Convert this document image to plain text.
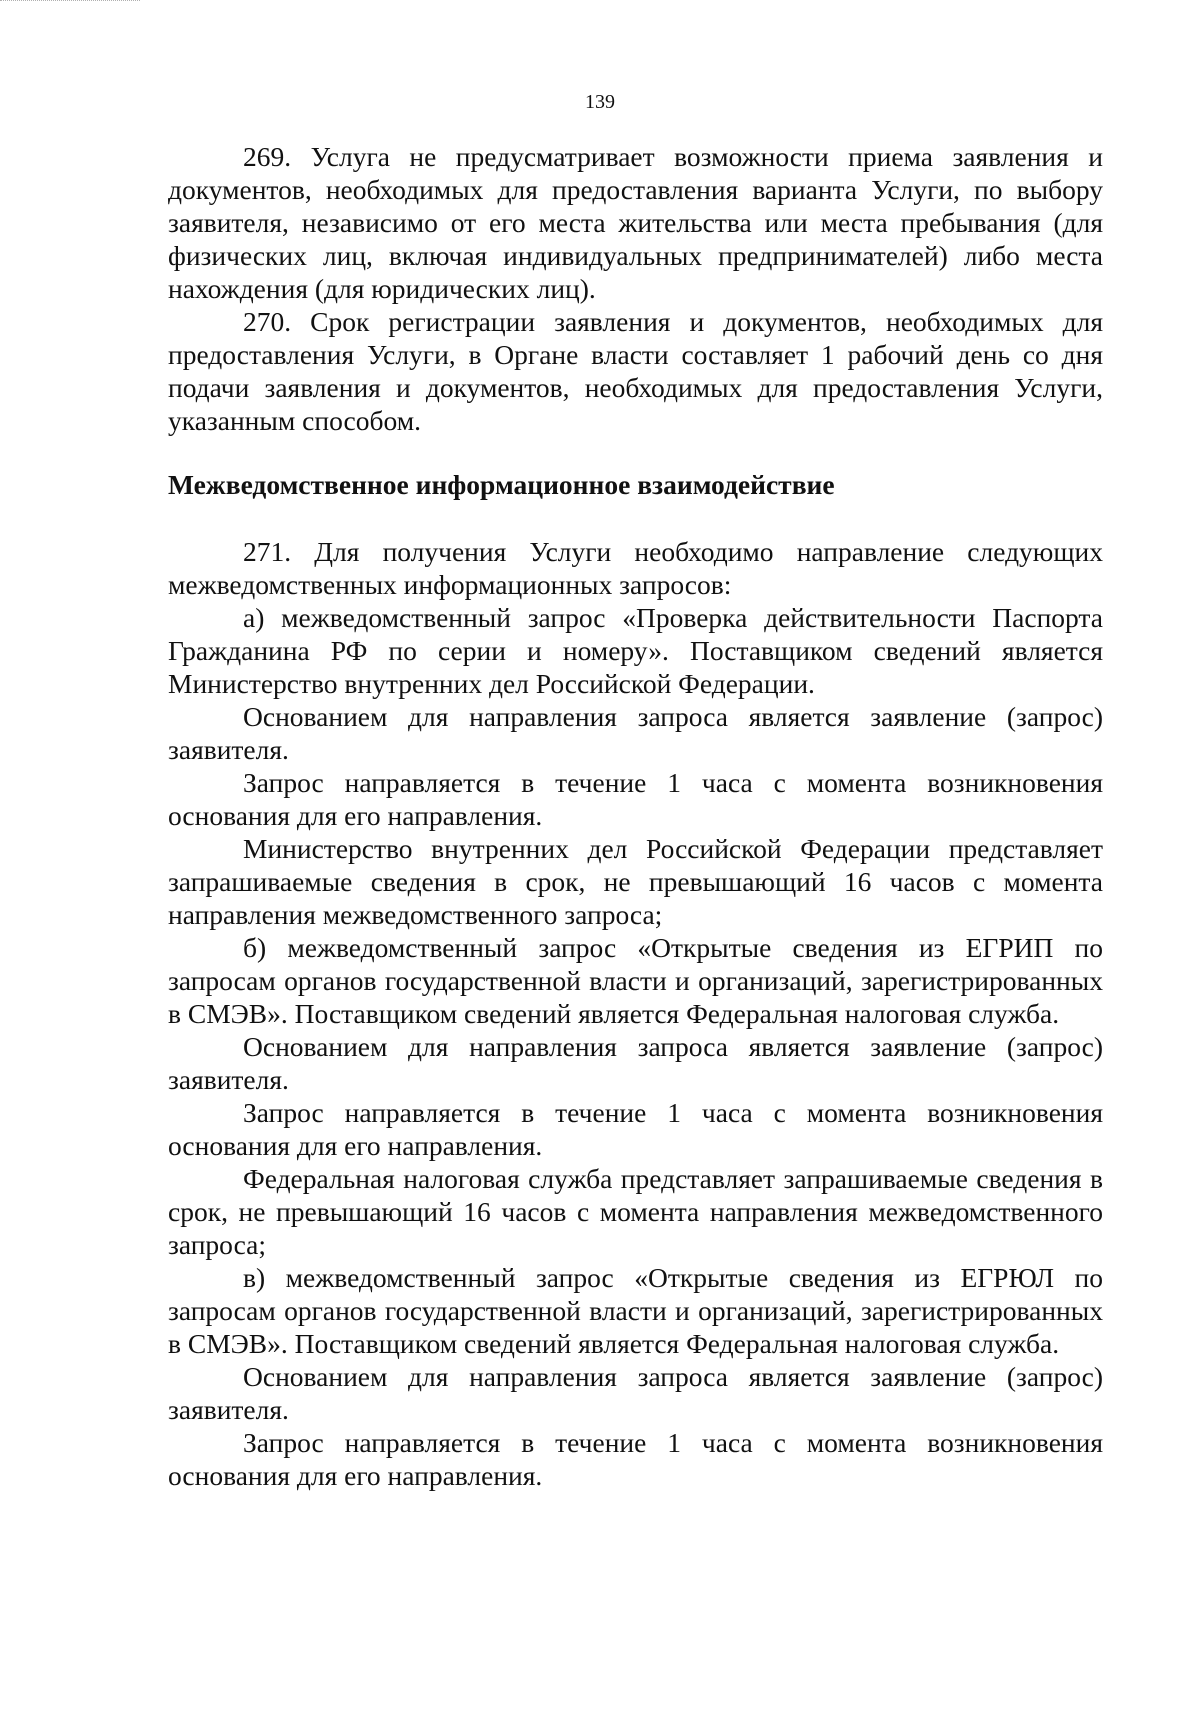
139

269. Услуга не предусматривает возможности приема заявления и документов, необходимых для предоставления варианта Услуги, по выбору заявителя, независимо от его места жительства или места пребывания (для физических лиц, включая индивидуальных предпринимателей) либо места нахождения (для юридических лиц).

270. Срок регистрации заявления и документов, необходимых для предоставления Услуги, в Органе власти составляет 1 рабочий день со дня подачи заявления и документов, необходимых для предоставления Услуги, указанным способом.

Межведомственное информационное взаимодействие

271. Для получения Услуги необходимо направление следующих межведомственных информационных запросов:

а) межведомственный запрос «Проверка действительности Паспорта Гражданина РФ по серии и номеру». Поставщиком сведений является Министерство внутренних дел Российской Федерации.

Основанием для направления запроса является заявление (запрос) заявителя.

Запрос направляется в течение 1 часа с момента возникновения основания для его направления.

Министерство внутренних дел Российской Федерации представляет запрашиваемые сведения в срок, не превышающий 16 часов с момента направления межведомственного запроса;

б) межведомственный запрос «Открытые сведения из ЕГРИП по запросам органов государственной власти и организаций, зарегистрированных в СМЭВ». Поставщиком сведений является Федеральная налоговая служба.

Основанием для направления запроса является заявление (запрос) заявителя.

Запрос направляется в течение 1 часа с момента возникновения основания для его направления.

Федеральная налоговая служба представляет запрашиваемые сведения в срок, не превышающий 16 часов с момента направления межведомственного запроса;

в) межведомственный запрос «Открытые сведения из ЕГРЮЛ по запросам органов государственной власти и организаций, зарегистрированных в СМЭВ». Поставщиком сведений является Федеральная налоговая служба.

Основанием для направления запроса является заявление (запрос) заявителя.

Запрос направляется в течение 1 часа с момента возникновения основания для его направления.
